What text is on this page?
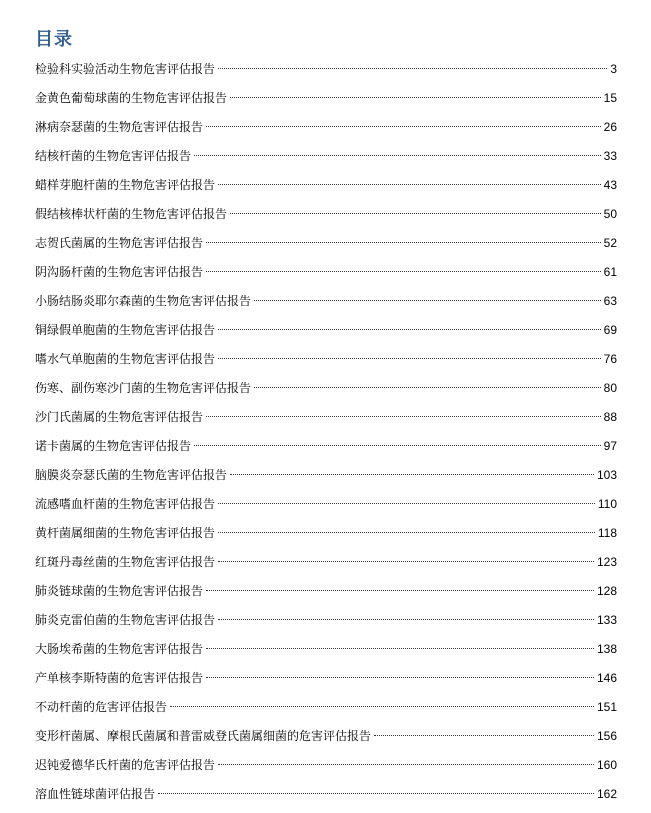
目录
检验科实验活动生物危害评估报告	3
金黄色葡萄球菌的生物危害评估报告	15
淋病奈瑟菌的生物危害评估报告	26
结核杆菌的生物危害评估报告	33
蜡样芽胞杆菌的生物危害评估报告	43
假结核棒状杆菌的生物危害评估报告	50
志贺氏菌属的生物危害评估报告	52
阴沟肠杆菌的生物危害评估报告	61
小肠结肠炎耶尔森菌的生物危害评估报告	63
铜绿假单胞菌的生物危害评估报告	69
嗜水气单胞菌的生物危害评估报告	76
伤寒、副伤寒沙门菌的生物危害评估报告	80
沙门氏菌属的生物危害评估报告	88
诺卡菌属的生物危害评估报告	97
脑膜炎奈瑟氏菌的生物危害评估报告	103
流感嗜血杆菌的生物危害评估报告	110
黄杆菌属细菌的生物危害评估报告	118
红斑丹毒丝菌的生物危害评估报告	123
肺炎链球菌的生物危害评估报告	128
肺炎克雷伯菌的生物危害评估报告	133
大肠埃希菌的生物危害评估报告	138
产单核李斯特菌的危害评估报告	146
不动杆菌的危害评估报告	151
变形杆菌属、摩根氏菌属和普雷威登氏菌属细菌的危害评估报告	156
迟钝爱德华氏杆菌的危害评估报告	160
溶血性链球菌评估报告	162
